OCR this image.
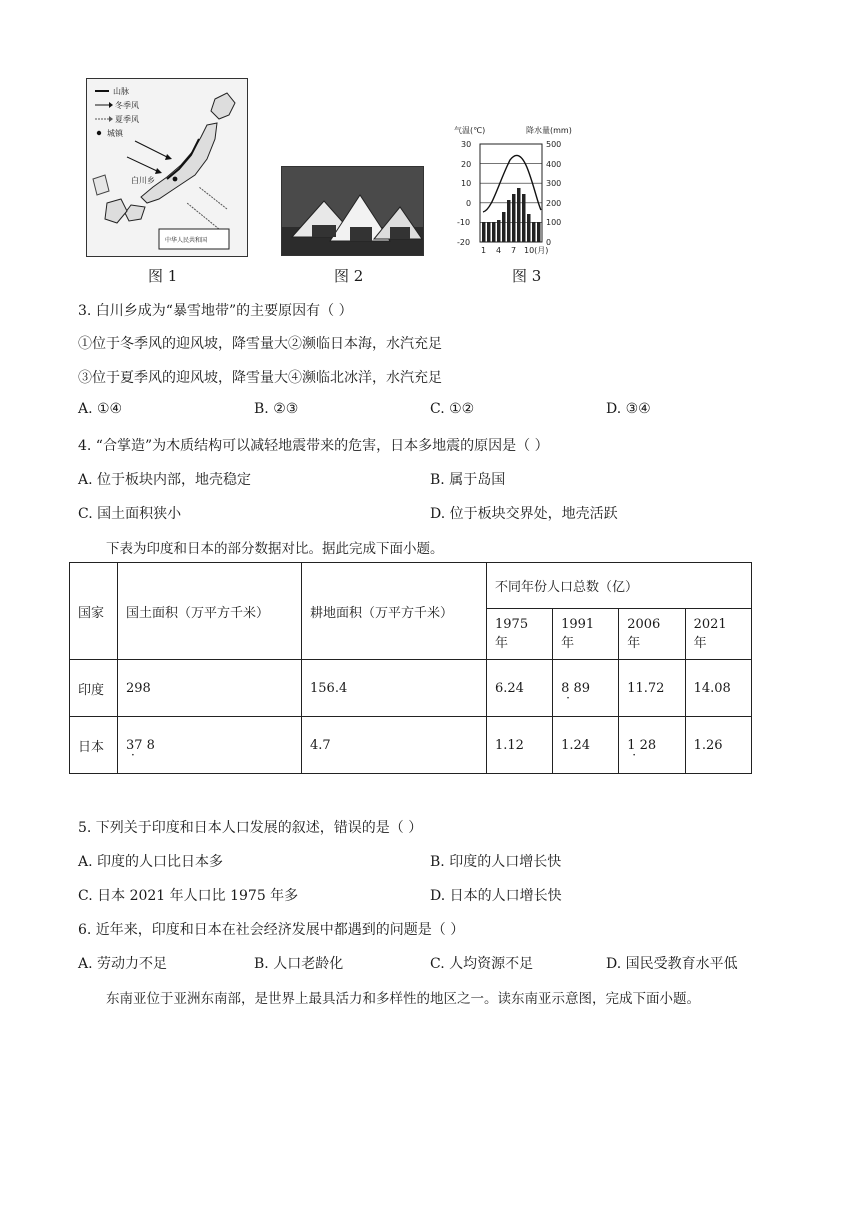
山脉
冬季风
夏季风
城镇
白川乡
中华人民共和国
图 1	图 2
气温(℃)	降水量(mm)
30
20
10
0
-10
-20
500
400
300
200
100
0
1 4 7 10(月)
图 3
3. 白川乡成为“暴雪地带”的主要原因有（ ）
①位于冬季风的迎风坡，降雪量大②濒临日本海，水汽充足
③位于夏季风的迎风坡，降雪量大④濒临北冰洋，水汽充足
A. ①④	B. ②③	C. ①②	D. ③④
4. “合掌造”为木质结构可以减轻地震带来的危害，日本多地震的原因是（ ）
A. 位于板块内部，地壳稳定	B. 属于岛国
C. 国土面积狭小	D. 位于板块交界处，地壳活跃
下表为印度和日本的部分数据对比。据此完成下面小题。
国家	国土面积（万平方千米）	耕地面积（万平方千米）	不同年份人口总数（亿）			
			1975 年	1991 年	2006 年	2021 年
印度	298	156.4	6.24	8 89 ·	11.72	14.08
日本	37 8 ·	4.7	1.12	1.24	1 28 ·	1.26
5. 下列关于印度和日本人口发展的叙述，错误的是（ ）
A. 印度的人口比日本多	B. 印度的人口增长快
C. 日本 2021 年人口比 1975 年多	D. 日本的人口增长快
6. 近年来，印度和日本在社会经济发展中都遇到的问题是（ ）
A. 劳动力不足	B. 人口老龄化	C. 人均资源不足	D. 国民受教育水平低
东南亚位于亚洲东南部，是世界上最具活力和多样性的地区之一。读东南亚示意图，完成下面小题。
